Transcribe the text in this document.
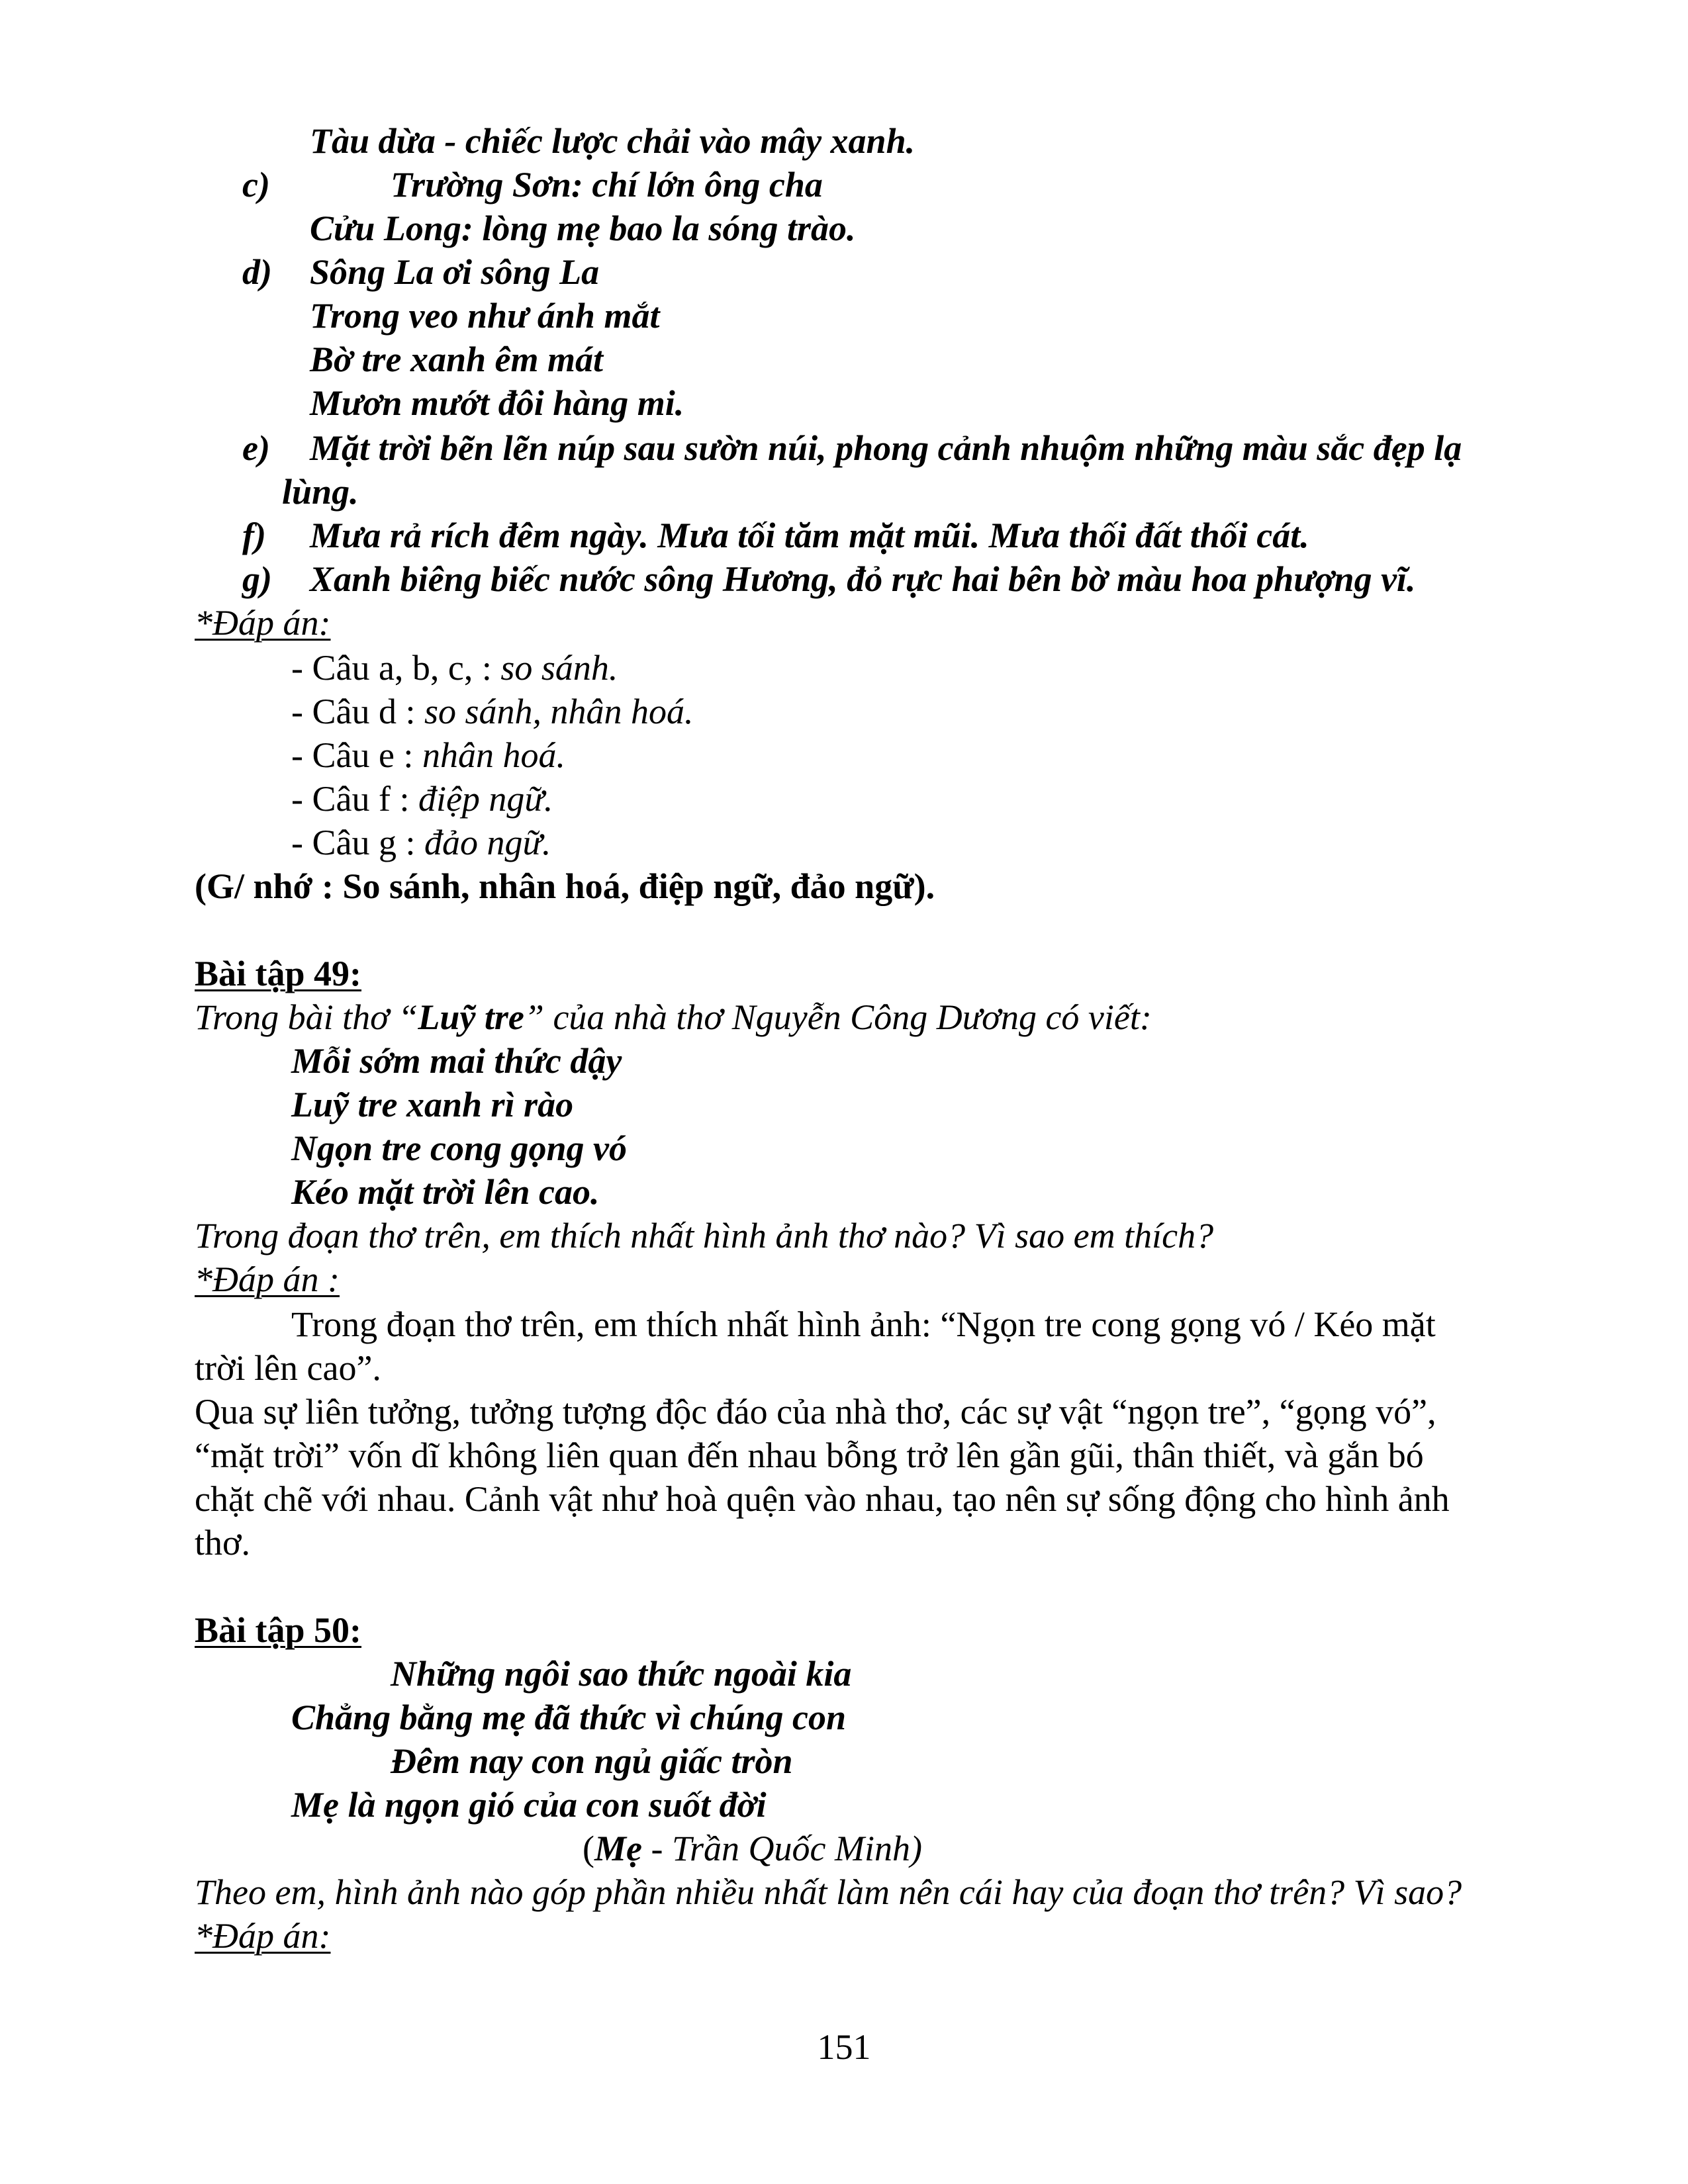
Tàu dừa - chiếc lược chải vào mây xanh.
c)	Trường Sơn: chí lớn ông cha
Cửu Long: lòng mẹ bao la sóng trào.
d) Sông La ơi sông La
Trong veo như ánh mắt
Bờ tre xanh êm mát
Mươn mướt đôi hàng mi.
e) Mặt trời bẽn lẽn núp sau sườn núi, phong cảnh nhuộm những màu sắc đẹp lạ
lùng.
f) Mưa rả rích đêm ngày. Mưa tối tăm mặt mũi. Mưa thối đất thối cát.
g) Xanh biêng biếc nước sông Hương, đỏ rực hai bên bờ màu hoa phượng vĩ.
*Đáp án:
- Câu a, b, c, : so sánh.
- Câu d : so sánh, nhân hoá.
- Câu e : nhân hoá.
- Câu f : điệp ngữ.
- Câu g : đảo ngữ.
(G/ nhớ : So sánh, nhân hoá, điệp ngữ, đảo ngữ).
Bài tập 49:
Trong bài thơ “Luỹ tre” của nhà thơ Nguyễn Công Dương có viết:
Mỗi sớm mai thức dậy
Luỹ tre xanh rì rào
Ngọn tre cong gọng vó
Kéo mặt trời lên cao.
Trong đoạn thơ trên, em thích nhất hình ảnh thơ nào? Vì sao em thích?
*Đáp án :
Trong đoạn thơ trên, em thích nhất hình ảnh: “Ngọn tre cong gọng vó / Kéo mặt
trời lên cao”.
Qua sự liên tưởng, tưởng tượng độc đáo của nhà thơ, các sự vật “ngọn tre”, “gọng vó”,
“mặt trời” vốn dĩ không liên quan đến nhau bỗng trở lên gần gũi, thân thiết, và gắn bó
chặt chẽ với nhau. Cảnh vật như hoà quện vào nhau, tạo nên sự sống động cho hình ảnh
thơ.
Bài tập 50:
Những ngôi sao thức ngoài kia
Chẳng bằng mẹ đã thức vì chúng con
Đêm nay con ngủ giấc tròn
Mẹ là ngọn gió của con suốt đời
(Mẹ - Trần Quốc Minh)
Theo em, hình ảnh nào góp phần nhiều nhất làm nên cái hay của đoạn thơ trên? Vì sao?
*Đáp án:
151
